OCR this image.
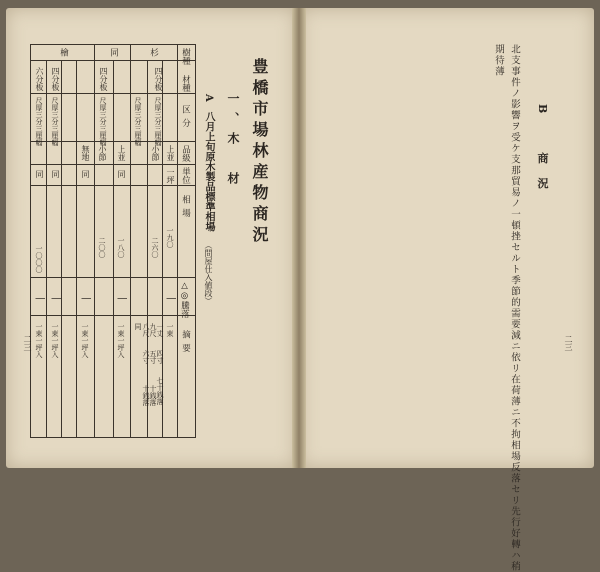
豊橋市場林産物商況
一、木　材
A　八月上旬原木製品標準相場 （問屋仕入値段）
樹種
材種
区分
品級
単位
相場
△◎騰落
摘要
杉
同
檜
四分板
四分板
四分板
六分板
尺厚三分三厘幅
尺厚三分三厘幅
尺厚三分三厘幅
尺厚三分三厘幅
尺厚三分三厘幅
上並
小節
上並
小節
無地
一坪
同
同
同
同
一九〇
二六〇
一八〇
二〇〇
一〇〇〇
|
|
|
|
|
一束
一丈
九尺
八尺
四寸
五寸
六寸
七十銭落
十銭落
十銭落
同
一束一坪入
一束一坪入
一束一坪入
一束一坪入
二三
B　商況
北支事件ノ影響ヲ受ケ支那貿易ノ一頓挫セルト季節的需要減ニ依リ在荷薄ニ不拘相場反落セリ先行好轉ハ稍
期待薄
二三
